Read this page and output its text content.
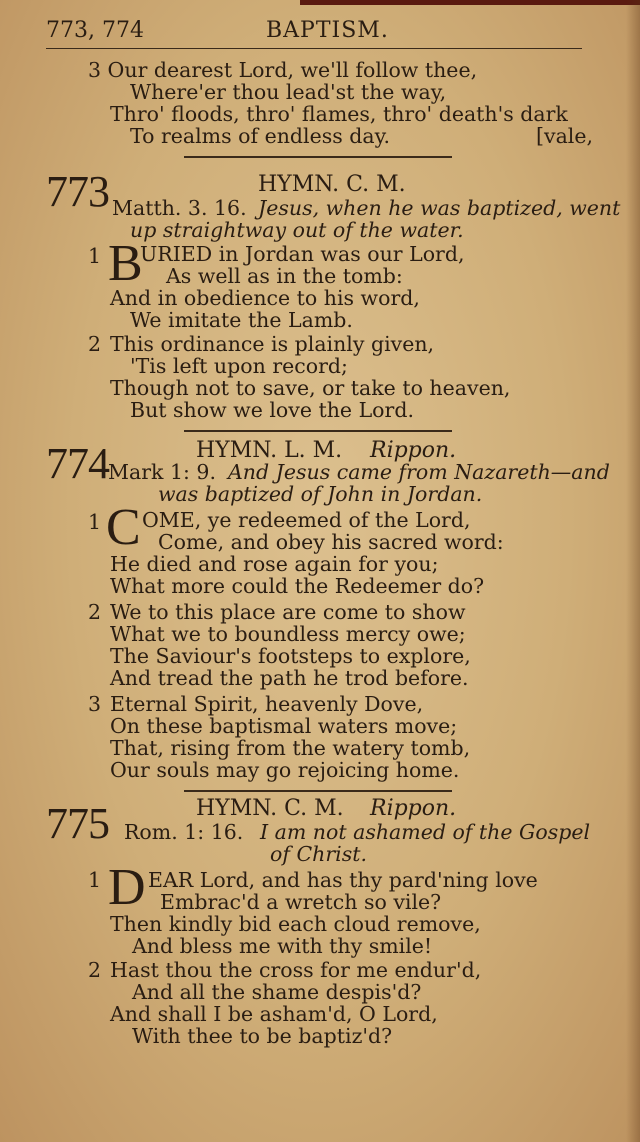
773, 774	BAPTISM.
3 Our dearest Lord, we'll follow thee,
Where'er thou lead'st the way,
Thro' floods, thro' flames, thro' death's dark
To realms of endless day.	[vale,
773	HYMN. C. M.
Matth. 3. 16. Jesus, when he was baptized, went
up straightway out of the water.
1 B
URIED in Jordan was our Lord,
As well as in the tomb:
And in obedience to his word,
We imitate the Lamb.
2 This ordinance is plainly given,
'Tis left upon record;
Though not to save, or take to heaven,
But show we love the Lord.
774	HYMN. L. M. Rippon.
Mark 1: 9. And Jesus came from Nazareth—and
was baptized of John in Jordan.
1 C OME, ye redeemed of the Lord,
Come, and obey his sacred word:
He died and rose again for you;
What more could the Redeemer do?
2 We to this place are come to show
What we to boundless mercy owe;
The Saviour's footsteps to explore,
And tread the path he trod before.
3 Eternal Spirit, heavenly Dove,
On these baptismal waters move;
That, rising from the watery tomb,
Our souls may go rejoicing home.
775	HYMN. C. M. Rippon.
Rom. 1: 16. I am not ashamed of the Gospel
of Christ.
1 D EAR Lord, and has thy pard'ning love
Embrac'd a wretch so vile?
Then kindly bid each cloud remove,
And bless me with thy smile!
2 Hast thou the cross for me endur'd,
And all the shame despis'd?
And shall I be asham'd, O Lord,
With thee to be baptiz'd?
